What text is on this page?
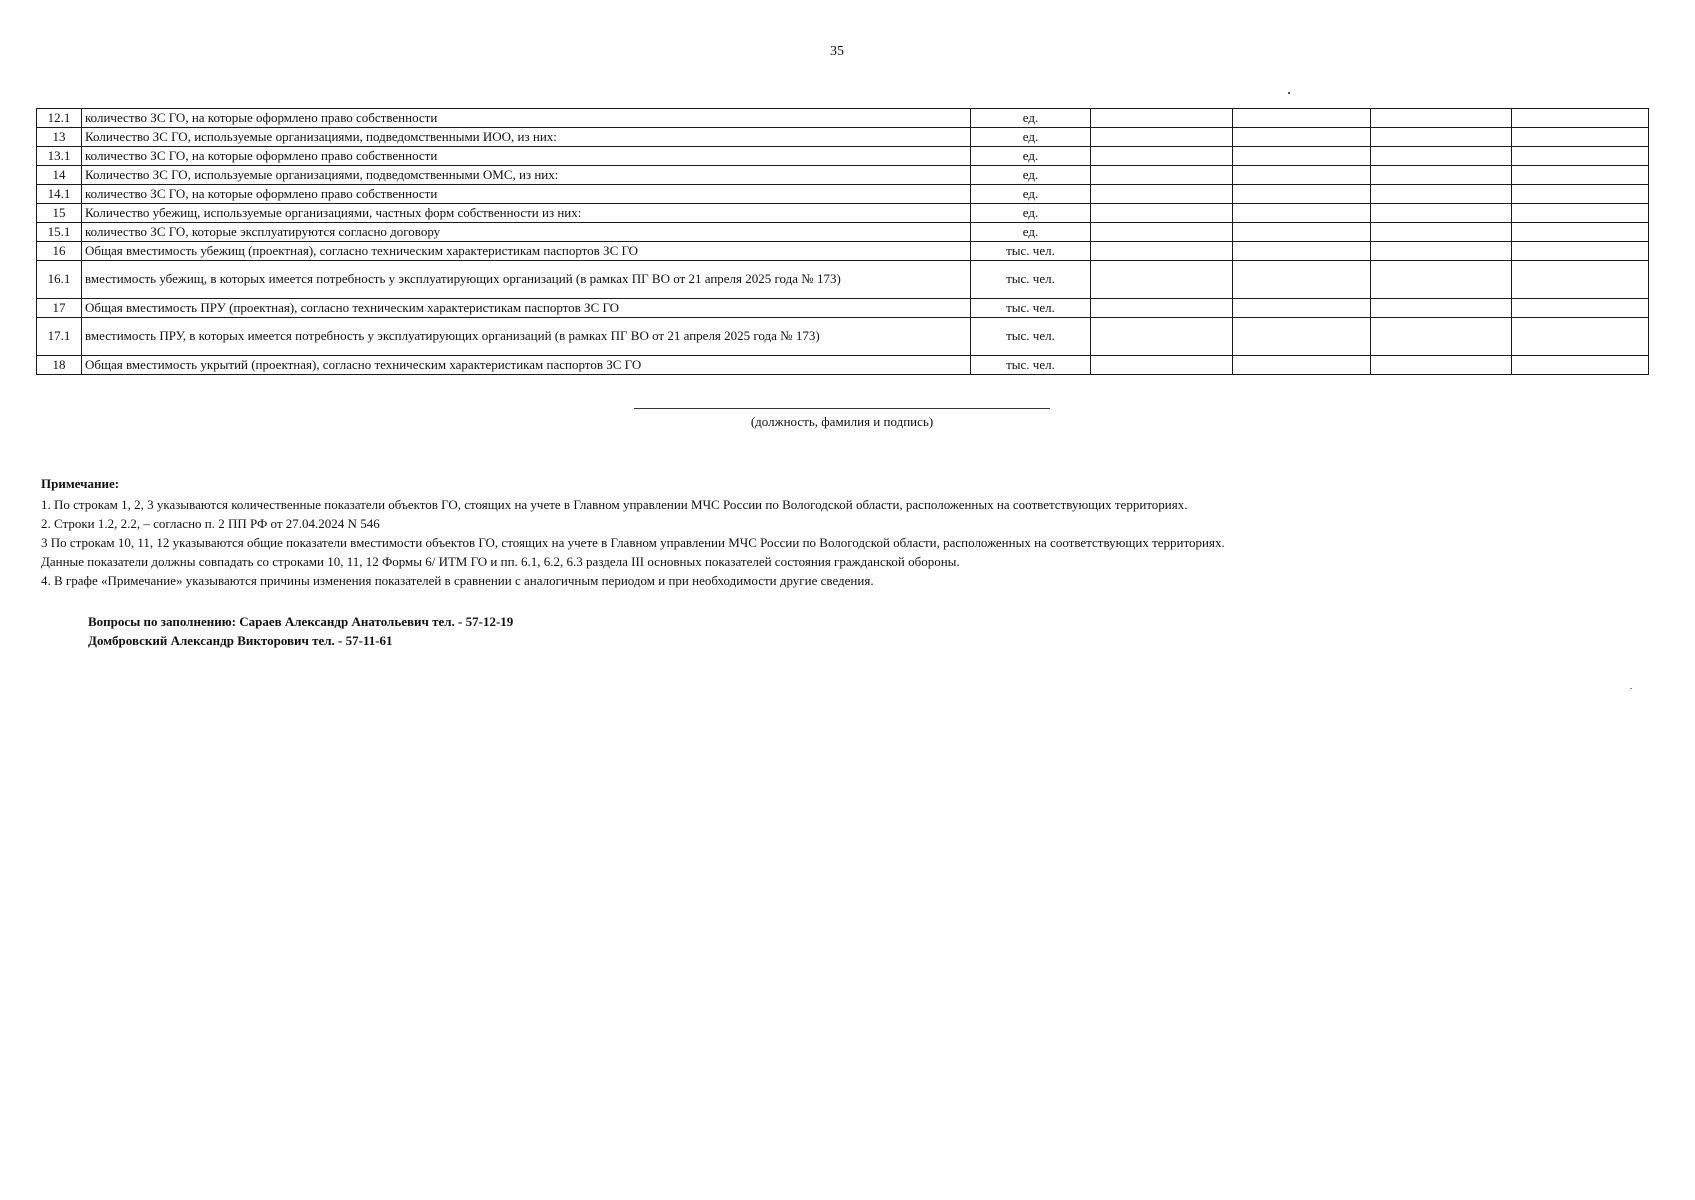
35
12.1	количество ЗС ГО, на которые оформлено право собственности	ед.				
13	Количество ЗС ГО, используемые организациями, подведомственными ИОО, из них:	ед.				
13.1	количество ЗС ГО, на которые оформлено право собственности	ед.				
14	Количество ЗС ГО, используемые организациями, подведомственными ОМС, из них:	ед.				
14.1	количество ЗС ГО, на которые оформлено право собственности	ед.				
15	Количество убежищ, используемые организациями, частных форм собственности из них:	ед.				
15.1	количество ЗС ГО, которые эксплуатируются согласно договору	ед.				
16	Общая вместимость убежищ (проектная), согласно техническим характеристикам паспортов ЗС ГО	тыс. чел.				
16.1	вместимость убежищ, в которых имеется потребность у эксплуатирующих организаций (в рамках ПГ ВО от 21 апреля 2025 года № 173)	тыс. чел.				
17	Общая вместимость ПРУ (проектная), согласно техническим характеристикам паспортов ЗС ГО	тыс. чел.				
17.1	вместимость ПРУ, в которых имеется потребность у эксплуатирующих организаций (в рамках ПГ ВО от 21 апреля 2025 года № 173)	тыс. чел.				
18	Общая вместимость укрытий (проектная), согласно техническим характеристикам паспортов ЗС ГО	тыс. чел.				
(должность, фамилия и подпись)
Примечание:

1. По строкам 1, 2, 3 указываются количественные показатели объектов ГО, стоящих на учете в Главном управлении МЧС России по Вологодской области, расположенных на соответствующих территориях.

2. Строки 1.2, 2.2, – согласно п. 2 ПП РФ от 27.04.2024 N 546

3 По строкам 10, 11, 12 указываются общие показатели вместимости объектов ГО, стоящих на учете в Главном управлении МЧС России по Вологодской области, расположенных на соответствующих территориях.

Данные показатели должны совпадать со строками 10, 11, 12 Формы 6/ ИТМ ГО и пп. 6.1, 6.2, 6.3 раздела III основных показателей состояния гражданской обороны.

4. В графе «Примечание» указываются причины изменения показателей в сравнении с аналогичным периодом и при необходимости другие сведения.

Вопросы по заполнению: Сараев Александр Анатольевич тел. - 57-12-19
Домбровский Александр Викторович тел. - 57-11-61
